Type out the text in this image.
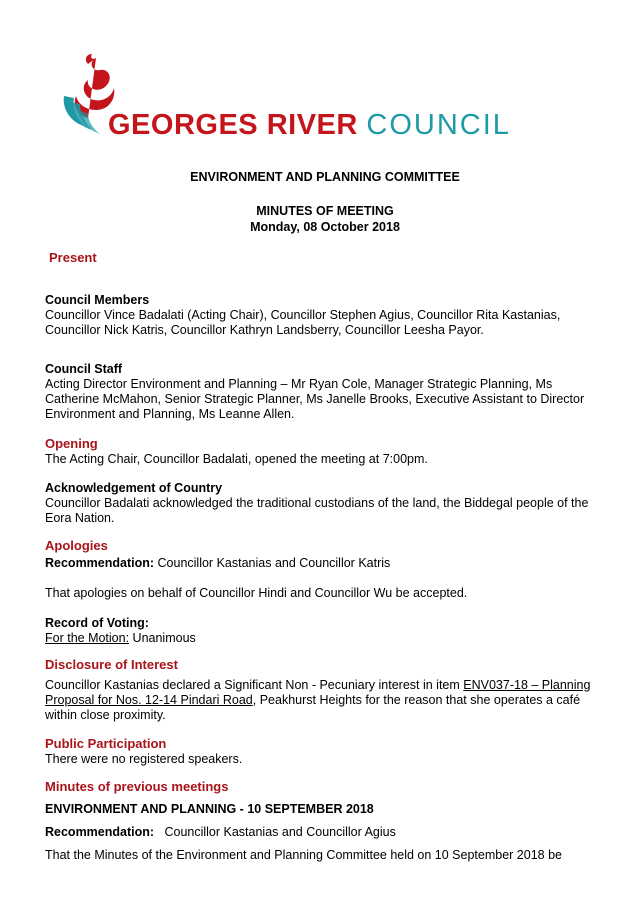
GEORGES RIVER COUNCIL

ENVIRONMENT AND PLANNING COMMITTEE

MINUTES OF MEETING

Monday, 08 October 2018

Present

Council Members

Councillor Vince Badalati (Acting Chair), Councillor Stephen Agius, Councillor Rita Kastanias, Councillor Nick Katris, Councillor Kathryn Landsberry, Councillor Leesha Payor.

Council Staff

Acting Director Environment and Planning – Mr Ryan Cole, Manager Strategic Planning, Ms Catherine McMahon, Senior Strategic Planner, Ms Janelle Brooks, Executive Assistant to Director Environment and Planning, Ms Leanne Allen.

Opening

The Acting Chair, Councillor Badalati, opened the meeting at 7:00pm.

Acknowledgement of Country

Councillor Badalati acknowledged the traditional custodians of the land, the Biddegal people of the Eora Nation.

Apologies

Recommendation: Councillor Kastanias and Councillor Katris

That apologies on behalf of Councillor Hindi and Councillor Wu be accepted.

Record of Voting:

For the Motion: Unanimous

Disclosure of Interest

Councillor Kastanias declared a Significant Non - Pecuniary interest in item ENV037-18 – Planning Proposal for Nos. 12-14 Pindari Road, Peakhurst Heights for the reason that she operates a café within close proximity.

Public Participation

There were no registered speakers.

Minutes of previous meetings

ENVIRONMENT AND PLANNING - 10 SEPTEMBER 2018

Recommendation:   Councillor Kastanias and Councillor Agius

That the Minutes of the Environment and Planning Committee held on 10 September 2018 be
